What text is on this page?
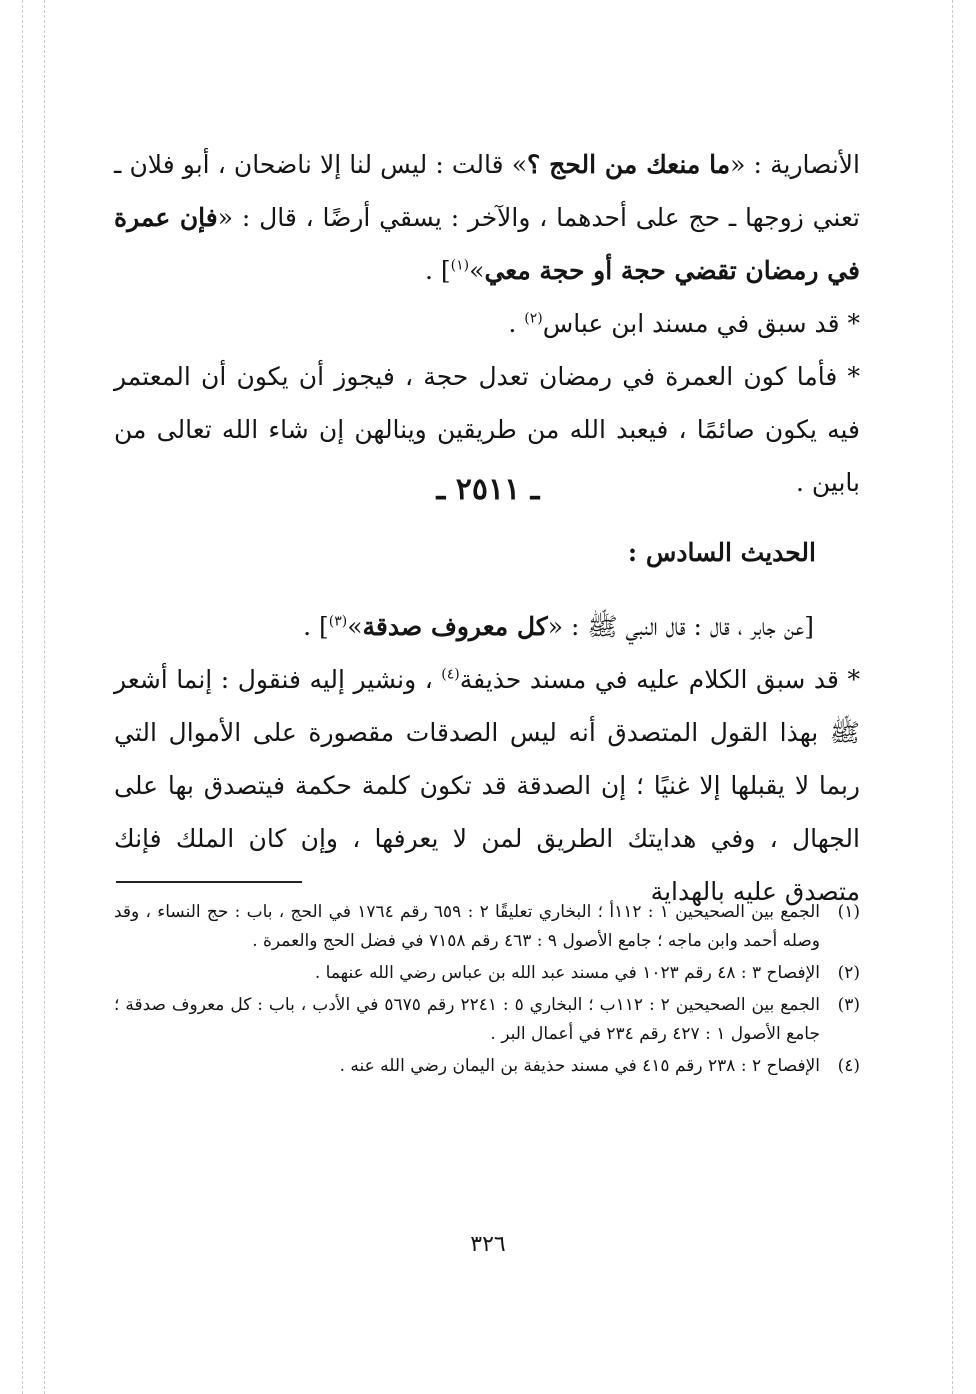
الأنصارية : «ما منعك من الحج ؟» قالت : ليس لنا إلا ناضحان ، أبو فلان ـ تعني زوجها ـ حج على أحدهما ، والآخر : يسقي أرضًا ، قال : «فإن عمرة في رمضان تقضي حجة أو حجة معي»$^{(١)}$] .

* قد سبق في مسند ابن عباس$^{(٢)}$ .

* فأما كون العمرة في رمضان تعدل حجة ، فيجوز أن يكون أن المعتمر فيه يكون صائمًا ، فيعبد الله من طريقين وينالهن إن شاء الله تعالى من بابين .

ـ ٢٥١١ ـ
الحديث السادس :

[عن جابر ، قال : قال النبي ﷺ : «كل معروف صدقة»$^{(٣)}$] .

* قد سبق الكلام عليه في مسند حذيفة$^{(٤)}$ ، ونشير إليه فنقول : إنما أشعر ﷺ بهذا القول المتصدق أنه ليس الصدقات مقصورة على الأموال التي ربما لا يقبلها إلا غنيًا ؛ إن الصدقة قد تكون كلمة حكمة فيتصدق بها على الجهال ، وفي هدايتك الطريق لمن لا يعرفها ، وإن كان الملك فإنك متصدق عليه بالهداية

(١)
الجمع بين الصحيحين ١ : ١١٢أ ؛ البخاري تعليقًا ٢ : ٦٥٩ رقم ١٧٦٤ في الحج ، باب : حج النساء ، وقد وصله أحمد وابن ماجه ؛ جامع الأصول ٩ : ٤٦٣ رقم ٧١٥٨ في فضل الحج والعمرة .
(٢)
الإفصاح ٣ : ٤٨ رقم ١٠٢٣ في مسند عبد الله بن عباس رضي الله عنهما .
(٣)
الجمع بين الصحيحين ٢ : ١١٢ب ؛ البخاري ٥ : ٢٢٤١ رقم ٥٦٧٥ في الأدب ، باب : كل معروف صدقة ؛ جامع الأصول ١ : ٤٢٧ رقم ٢٣٤ في أعمال البر .
(٤)
الإفصاح ٢ : ٢٣٨ رقم ٤١٥ في مسند حذيفة بن اليمان رضي الله عنه .
٣٢٦
